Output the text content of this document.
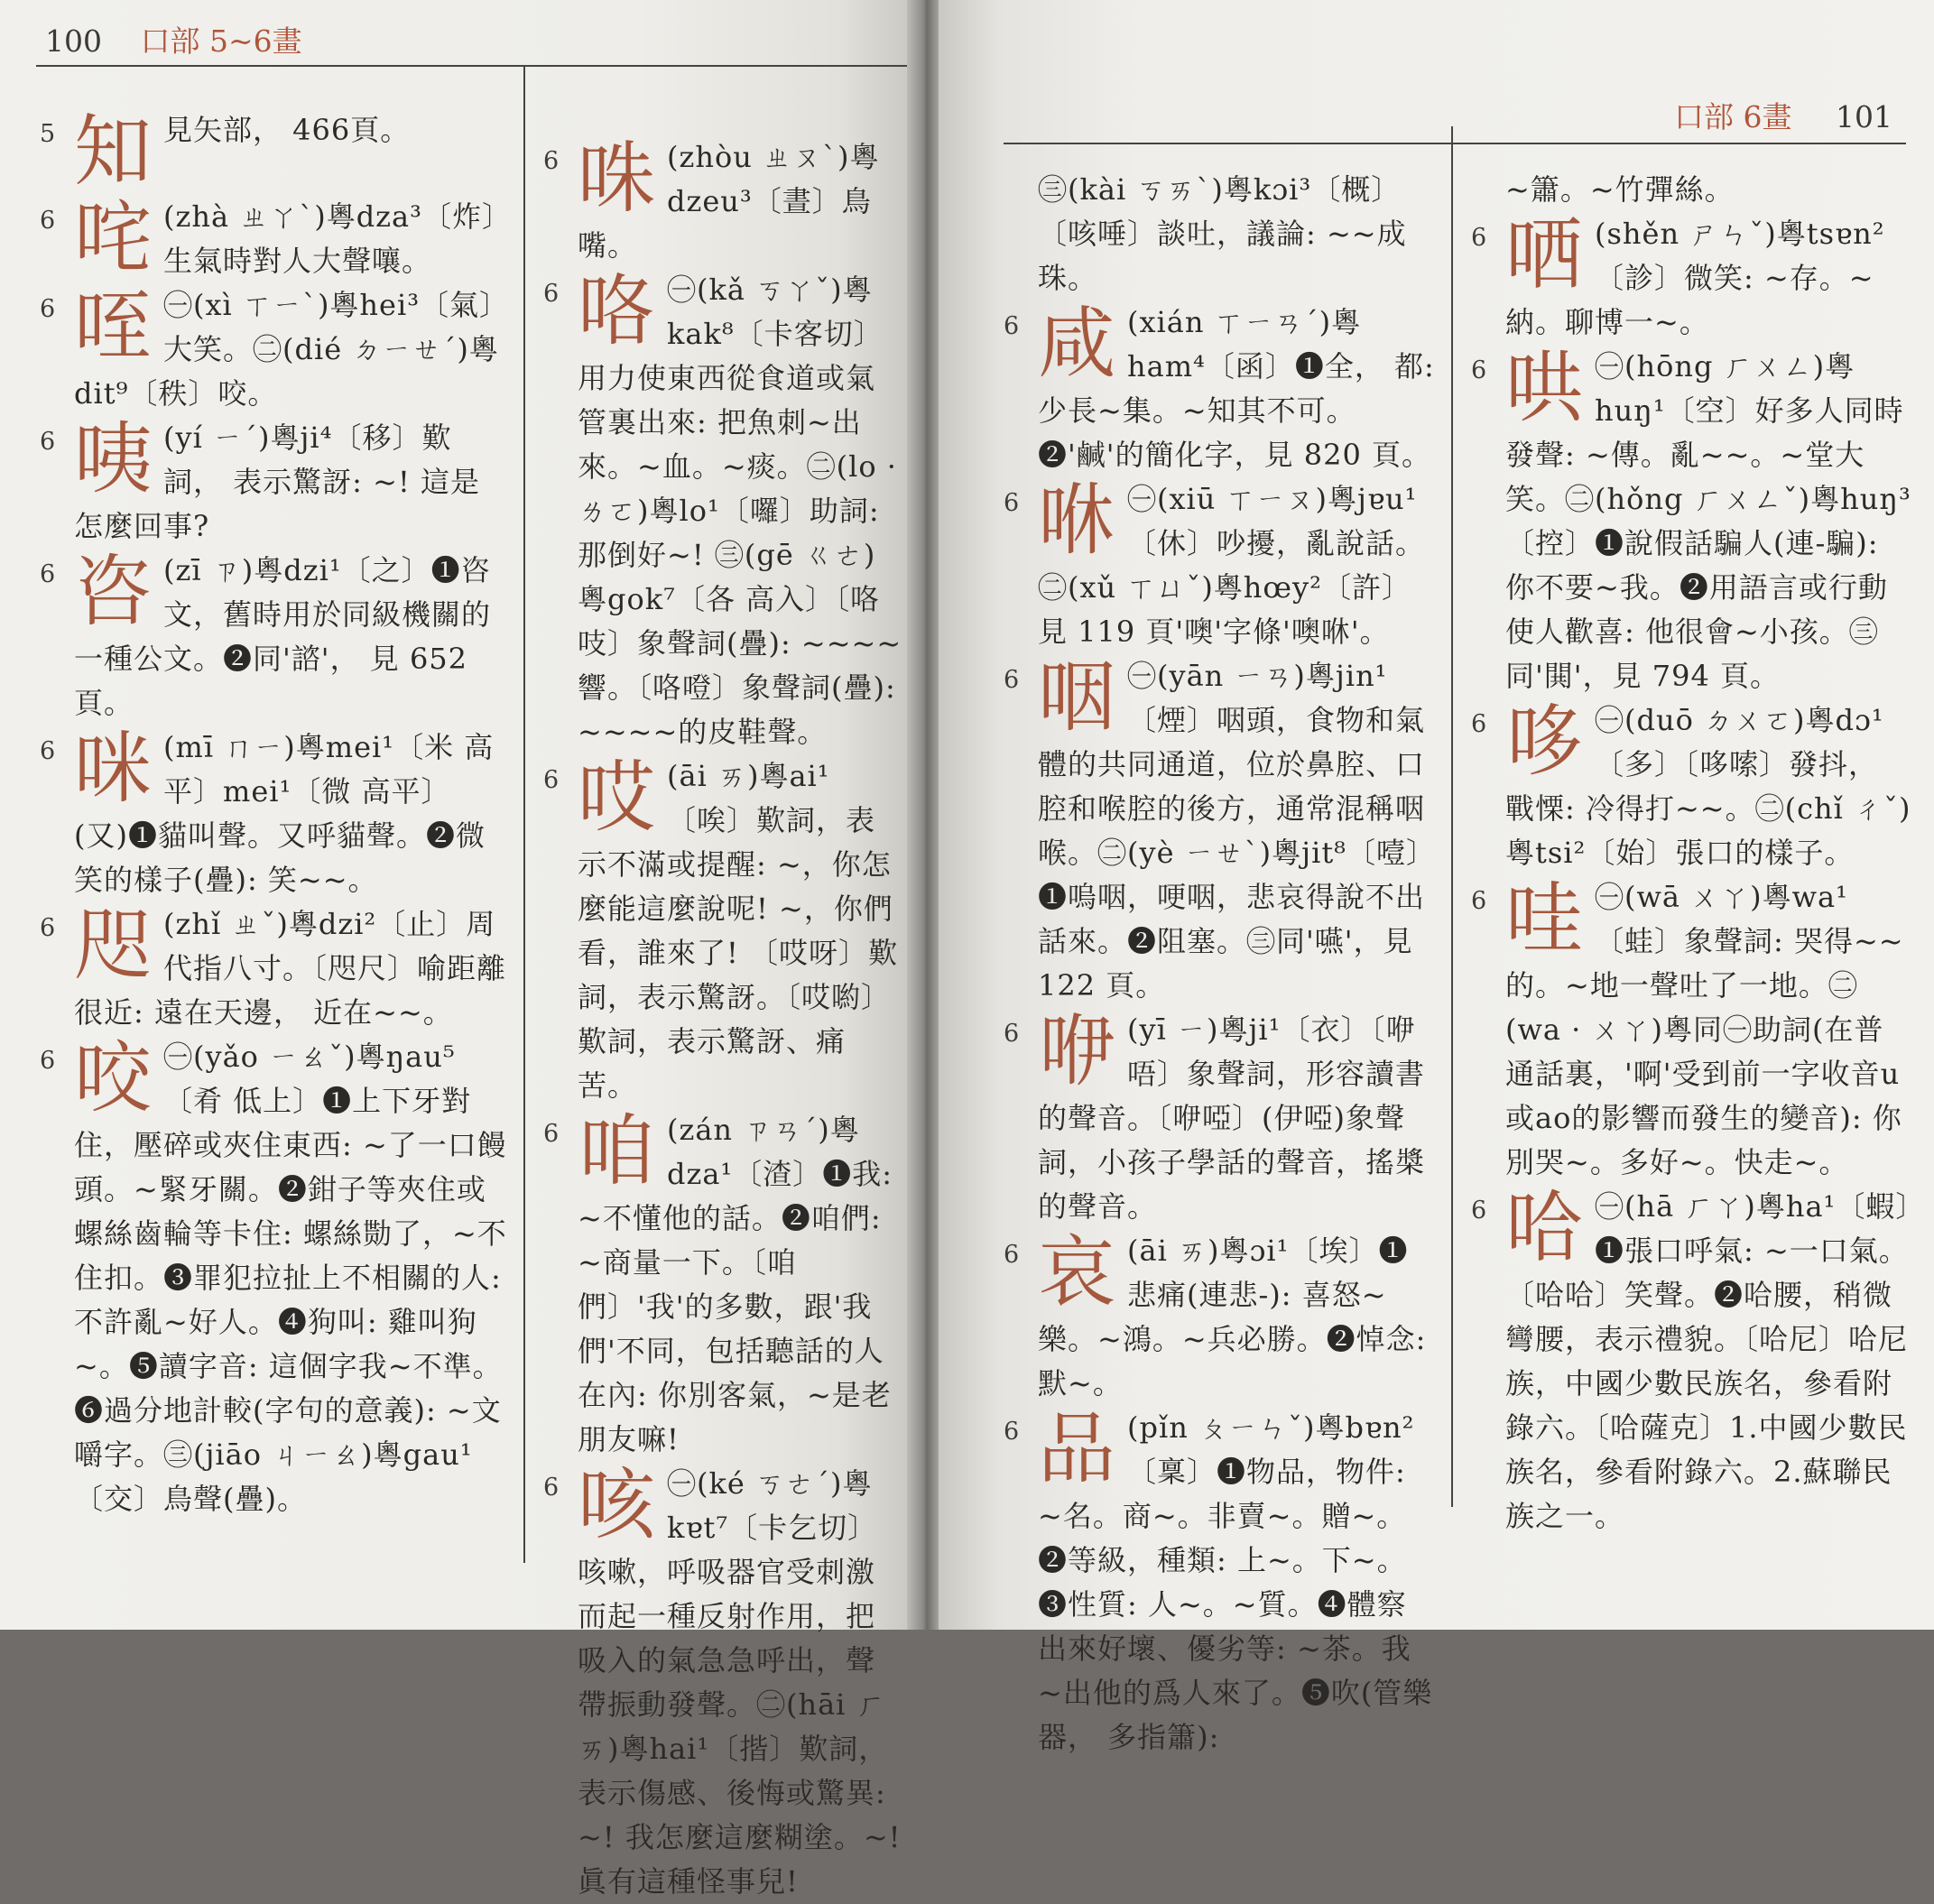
100 口部 5~6畫
5 知 見矢部， 466頁。
6 咤 (zhà ㄓㄚˋ)粵dza³〔炸〕生氣時對人大聲嚷。
6 咥 ㊀(xì ㄒㄧˋ)粵hei³〔氣〕大笑。㊁(dié ㄉㄧㄝˊ)粵dit⁹〔秩〕咬。
6 咦 (yí ㄧˊ)粵ji⁴〔移〕歎詞， 表示驚訝: ~! 這是怎麼回事?
6 咨 (zī ㄗ)粵dzi¹〔之〕❶咨文，舊時用於同級機關的一種公文。❷同'諮'， 見 652 頁。
6 咪 (mī ㄇㄧ)粵mei¹〔米 高平〕mei¹〔微 高平〕(又)❶貓叫聲。又呼貓聲。❷微笑的樣子(疊): 笑~~。
6 咫 (zhǐ ㄓˇ)粵dzi²〔止〕周代指八寸。〔咫尺〕喻距離很近: 遠在天邊， 近在~~。
6 咬 ㊀(yǎo ㄧㄠˇ)粵ŋau⁵〔肴 低上〕❶上下牙對住，壓碎或夾住東西: ~了一口饅頭。~緊牙關。❷鉗子等夾住或螺絲齒輪等卡住: 螺絲勚了，~不住扣。❸罪犯拉扯上不相關的人: 不許亂~好人。❹狗叫: 雞叫狗~。❺讀字音: 這個字我~不準。❻過分地計較(字句的意義): ~文嚼字。㊂(jiāo ㄐㄧㄠ)粵gau¹〔交〕鳥聲(疊)。
6 咮 (zhòu ㄓㄡˋ)粵dzeu³〔晝〕鳥嘴。
6 咯 ㊀(kǎ ㄎㄚˇ)粵kak⁸〔卡客切〕用力使東西從食道或氣管裏出來: 把魚刺~出來。~血。~痰。㊁(lo · ㄌㄛ)粵lo¹〔囉〕助詞: 那倒好~! ㊂(gē ㄍㄜ)粵gok⁷〔各 高入〕〔咯吱〕象聲詞(疊): ~~~~響。〔咯噔〕象聲詞(疊): ~~~~的皮鞋聲。
6 哎 (āi ㄞ)粵ai¹〔唉〕歎詞，表示不滿或提醒: ~，你怎麼能這麼說呢! ~，你們看，誰來了! 〔哎呀〕歎詞，表示驚訝。〔哎喲〕歎詞，表示驚訝、痛苦。
6 咱 (zán ㄗㄢˊ)粵dza¹〔渣〕❶我: ~不懂他的話。❷咱們: ~商量一下。〔咱們〕'我'的多數，跟'我們'不同，包括聽話的人在內: 你別客氣，~是老朋友嘛!
6 咳 ㊀(ké ㄎㄜˊ)粵kɐt⁷〔卡乞切〕咳嗽，呼吸器官受刺激而起一種反射作用，把吸入的氣急急呼出，聲帶振動發聲。㊁(hāi ㄏㄞ)粵hai¹〔揩〕歎詞，表示傷感、後悔或驚異: ~! 我怎麼這麼糊塗。~! 眞有這種怪事兒!
口部 6畫 101
㊂(kài ㄎㄞˋ)粵kɔi³〔概〕〔咳唾〕談吐，議論: ~~成珠。
6 咸 (xián ㄒㄧㄢˊ)粵ham⁴〔函〕❶全， 都: 少長~集。~知其不可。❷'鹹'的簡化字，見 820 頁。
6 咻 ㊀(xiū ㄒㄧㄡ)粵jɐu¹〔休〕吵擾，亂說話。㊁(xǔ ㄒㄩˇ)粵hœy²〔許〕見 119 頁'噢'字條'噢咻'。
6 咽 ㊀(yān ㄧㄢ)粵jin¹〔煙〕咽頭，食物和氣體的共同通道，位於鼻腔、口腔和喉腔的後方，通常混稱咽喉。㊁(yè ㄧㄝˋ)粵jit⁸〔噎〕❶嗚咽，哽咽，悲哀得說不出話來。❷阻塞。㊂同'嚥'，見 122 頁。
6 咿 (yī ㄧ)粵ji¹〔衣〕〔咿唔〕象聲詞，形容讀書的聲音。〔咿啞〕(伊啞)象聲詞，小孩子學話的聲音，搖槳的聲音。
6 哀 (āi ㄞ)粵ɔi¹〔埃〕❶悲痛(連悲-): 喜怒~樂。~鴻。~兵必勝。❷悼念: 默~。
6 品 (pǐn ㄆㄧㄣˇ)粵bɐn²〔稟〕❶物品，物件: ~名。商~。非賣~。贈~。❷等級，種類: 上~。下~。❸性質: 人~。~質。❹體察出來好壞、優劣等: ~茶。我~出他的爲人來了。❺吹(管樂器， 多指簫):
~簫。~竹彈絲。
6 哂 (shěn ㄕㄣˇ)粵tsɐn²〔診〕微笑: ~存。~納。聊博一~。
6 哄 ㊀(hōng ㄏㄨㄥ)粵huŋ¹〔空〕好多人同時發聲: ~傳。亂~~。~堂大笑。㊁(hǒng ㄏㄨㄥˇ)粵huŋ³〔控〕❶說假話騙人(連-騙): 你不要~我。❷用語言或行動使人歡喜: 他很會~小孩。㊂同'閧'，見 794 頁。
6 哆 ㊀(duō ㄉㄨㄛ)粵dɔ¹〔多〕〔哆嗦〕發抖， 戰慄: 冷得打~~。㊁(chǐ ㄔˇ)粵tsi²〔始〕張口的樣子。
6 哇 ㊀(wā ㄨㄚ)粵wa¹〔蛙〕象聲詞: 哭得~~的。~地一聲吐了一地。㊁(wa · ㄨㄚ)粵同㊀助詞(在普通話裏，'啊'受到前一字收音u或ao的影響而發生的變音): 你別哭~。多好~。快走~。
6 哈 ㊀(hā ㄏㄚ)粵ha¹〔蝦〕❶張口呼氣: ~一口氣。〔哈哈〕笑聲。❷哈腰，稍微彎腰，表示禮貌。〔哈尼〕哈尼族，中國少數民族名，參看附錄六。〔哈薩克〕1.中國少數民族名，參看附錄六。2.蘇聯民族之一。
